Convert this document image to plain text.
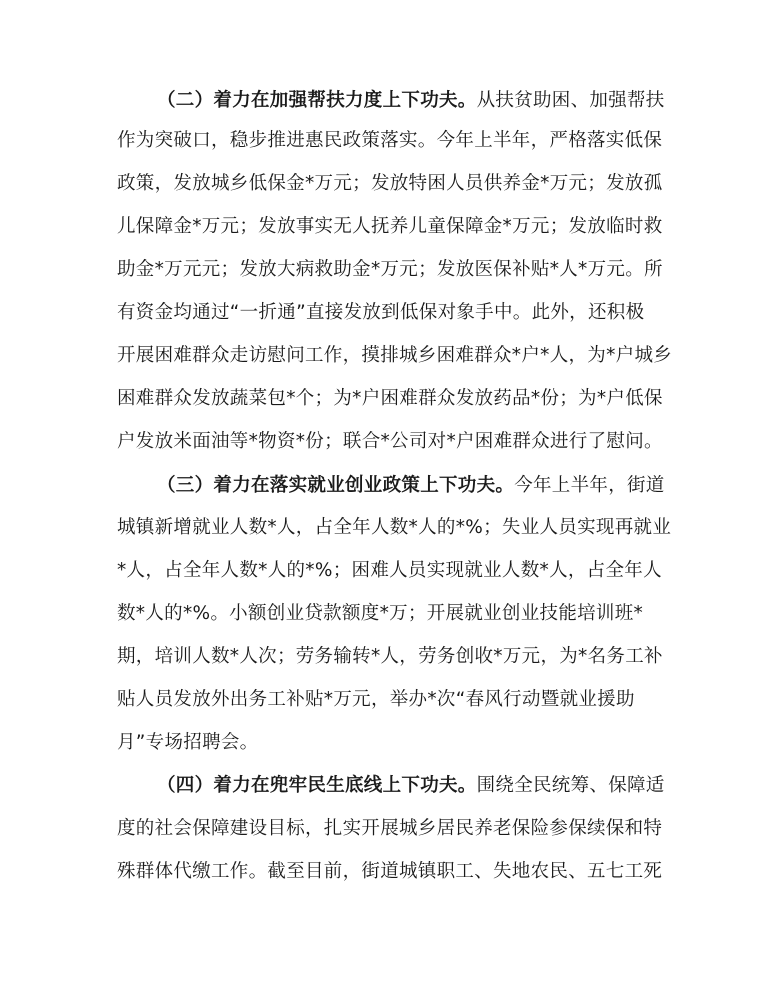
（二）着力在加强帮扶力度上下功夫。从扶贫助困、加强帮扶
作为突破口，稳步推进惠民政策落实。今年上半年，严格落实低保
政策，发放城乡低保金*万元；发放特困人员供养金*万元；发放孤
儿保障金*万元；发放事实无人抚养儿童保障金*万元；发放临时救
助金*万元元；发放大病救助金*万元；发放医保补贴*人*万元。所
有资金均通过“一折通”直接发放到低保对象手中。此外，还积极
开展困难群众走访慰问工作，摸排城乡困难群众*户*人，为*户城乡
困难群众发放蔬菜包*个；为*户困难群众发放药品*份；为*户低保
户发放米面油等*物资*份；联合*公司对*户困难群众进行了慰问。
（三）着力在落实就业创业政策上下功夫。今年上半年，街道
城镇新增就业人数*人，占全年人数*人的*%；失业人员实现再就业
*人，占全年人数*人的*%；困难人员实现就业人数*人，占全年人
数*人的*%。小额创业贷款额度*万；开展就业创业技能培训班*
期，培训人数*人次；劳务输转*人，劳务创收*万元，为*名务工补
贴人员发放外出务工补贴*万元，举办*次“春风行动暨就业援助
月”专场招聘会。
（四）着力在兜牢民生底线上下功夫。围绕全民统筹、保障适
度的社会保障建设目标，扎实开展城乡居民养老保险参保续保和特
殊群体代缴工作。截至目前，街道城镇职工、失地农民、五七工死
